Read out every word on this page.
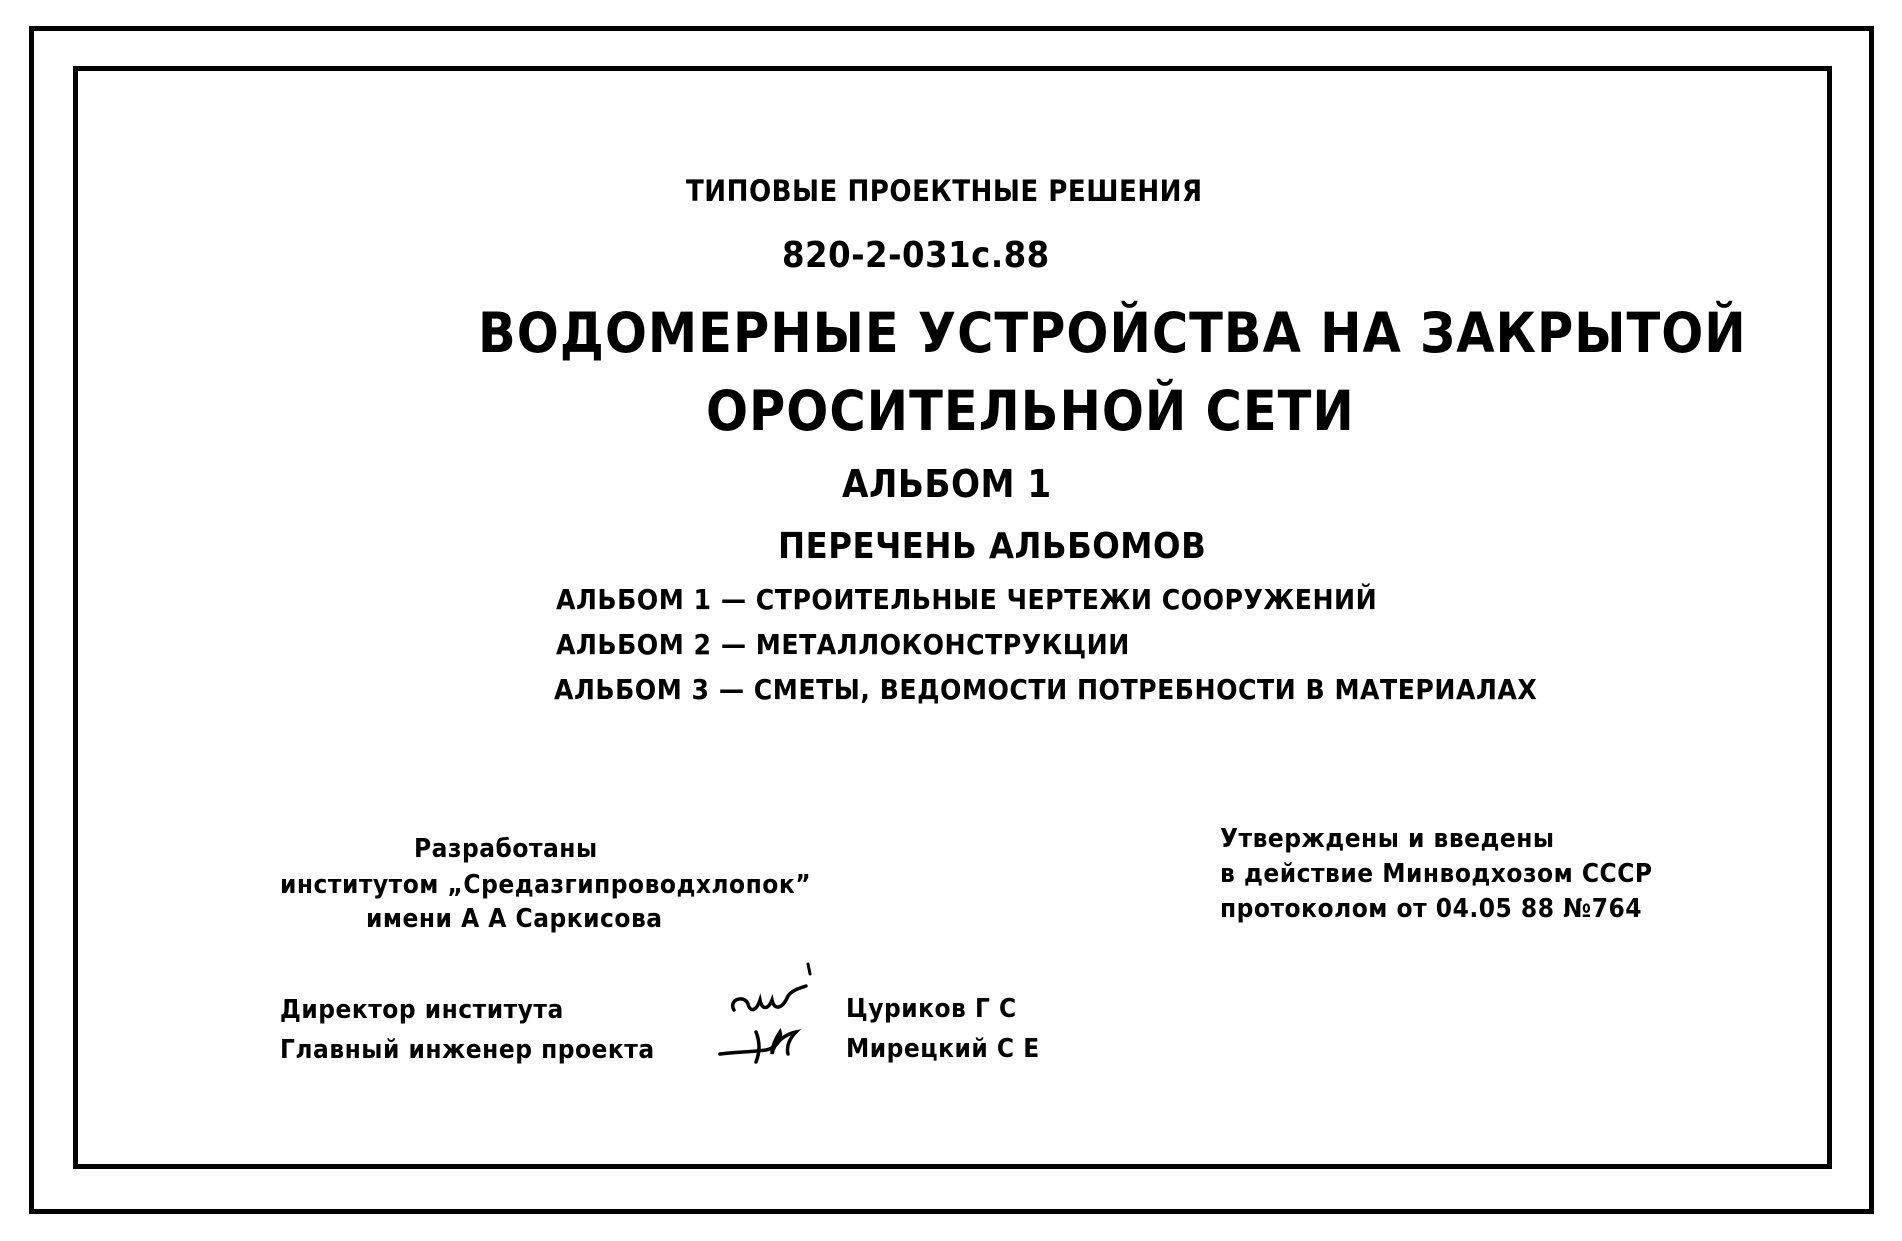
ТИПОВЫЕ ПРОЕКТНЫЕ РЕШЕНИЯ
820-2-031с.88
ВОДОМЕРНЫЕ УСТРОЙСТВА НА ЗАКРЫТОЙ
ОРОСИТЕЛЬНОЙ СЕТИ
АЛЬБОМ 1
ПЕРЕЧЕНЬ АЛЬБОМОВ
АЛЬБОМ 1 — СТРОИТЕЛЬНЫЕ ЧЕРТЕЖИ СООРУЖЕНИЙ
АЛЬБОМ 2 — МЕТАЛЛОКОНСТРУКЦИИ
АЛЬБОМ 3 — СМЕТЫ, ВЕДОМОСТИ ПОТРЕБНОСТИ В МАТЕРИАЛАХ
Разработаны
институтом „Средазгипроводхлопок”
имени А А Саркисова
Утверждены и введены
в действие Минводхозом СССР
протоколом от 04.05 88 №764
Директор института
Главный инженер проекта
Цуриков Г С
Мирецкий С Е
